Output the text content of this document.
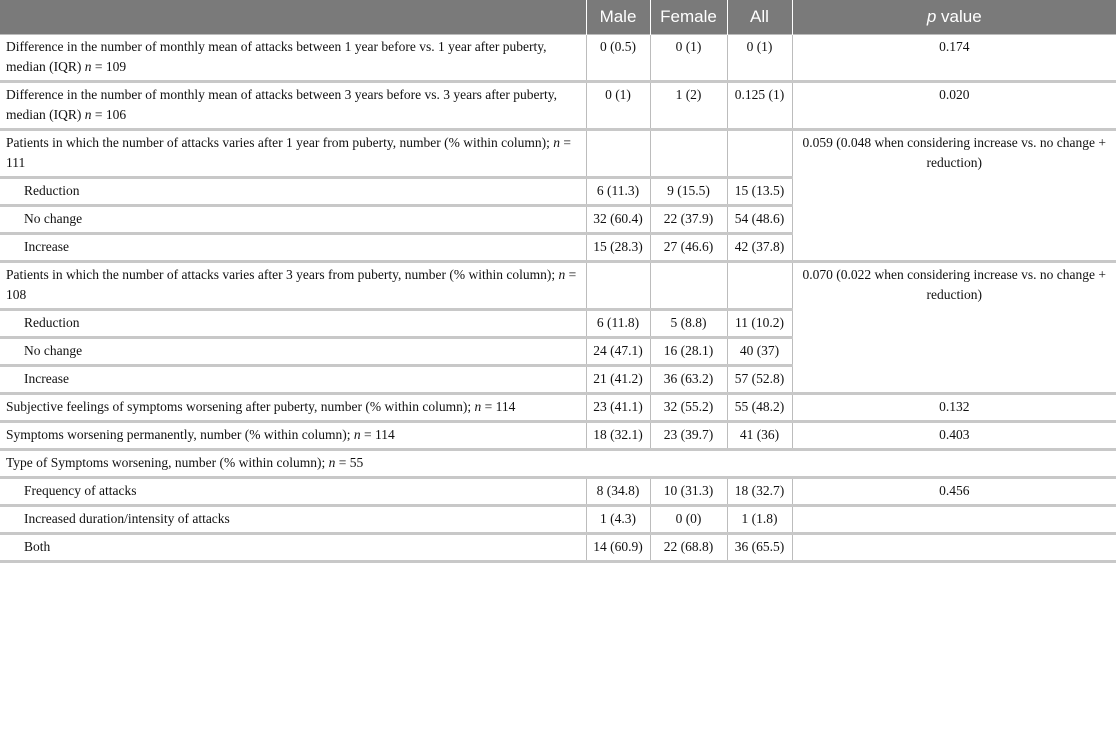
	Male	Female	All	p value
Difference in the number of monthly mean of attacks between 1 year before vs. 1 year after puberty, median (IQR) n = 109	0 (0.5)	0 (1)	0 (1)	0.174
Difference in the number of monthly mean of attacks between 3 years before vs. 3 years after puberty, median (IQR) n = 106	0 (1)	1 (2)	0.125 (1)	0.020
Patients in which the number of attacks varies after 1 year from puberty, number (% within column); n = 111				0.059 (0.048 when considering increase vs. no change + reduction)
Reduction	6 (11.3)	9 (15.5)	15 (13.5)	
No change	32 (60.4)	22 (37.9)	54 (48.6)	
Increase	15 (28.3)	27 (46.6)	42 (37.8)	
Patients in which the number of attacks varies after 3 years from puberty, number (% within column); n = 108				0.070 (0.022 when considering increase vs. no change + reduction)
Reduction	6 (11.8)	5 (8.8)	11 (10.2)	
No change	24 (47.1)	16 (28.1)	40 (37)	
Increase	21 (41.2)	36 (63.2)	57 (52.8)	
Subjective feelings of symptoms worsening after puberty, number (% within column); n = 114	23 (41.1)	32 (55.2)	55 (48.2)	0.132
Symptoms worsening permanently, number (% within column); n = 114	18 (32.1)	23 (39.7)	41 (36)	0.403
Type of Symptoms worsening, number (% within column); n = 55				
Frequency of attacks	8 (34.8)	10 (31.3)	18 (32.7)	0.456
Increased duration/intensity of attacks	1 (4.3)	0 (0)	1 (1.8)	
Both	14 (60.9)	22 (68.8)	36 (65.5)	
